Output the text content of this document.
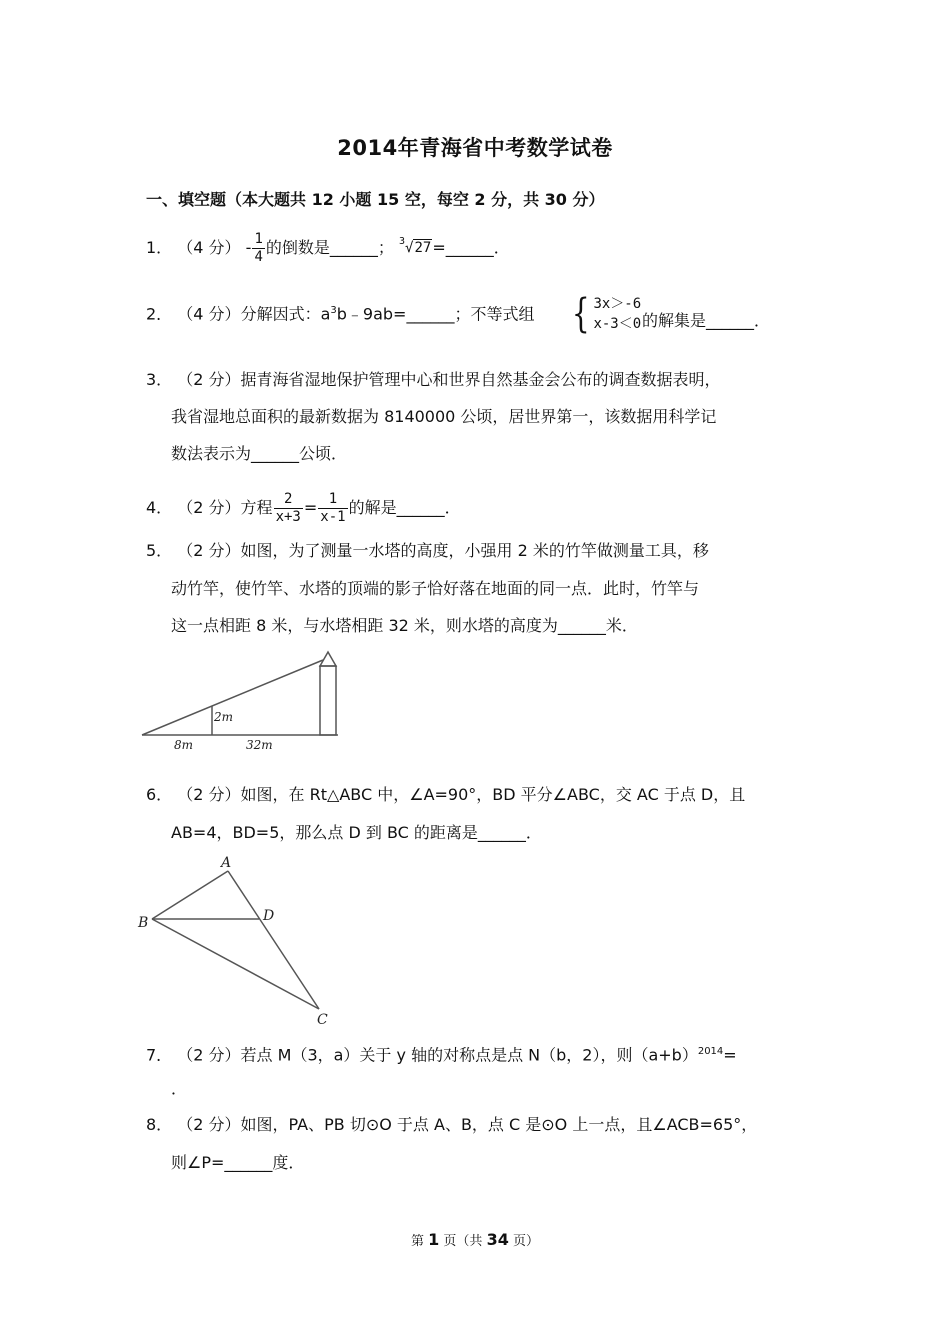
2014年青海省中考数学试卷
一、填空题（本大题共 12 小题 15 空，每空 2 分，共 30 分）
1． （4 分） - $\frac{1}{4}$ 的倒数是______； $^3$√27=______．
2． （4 分）分解因式：$a^3b﹣9ab=\_\_\_\_\_\_$；不等式组 { 3x＞-6
x-3＜0 的解集是______．
3． （2 分）据青海省湿地保护管理中心和世界自然基金会公布的调查数据表明，
我省湿地总面积的最新数据为 8140000 公顷，居世界第一，该数据用科学记
数法表示为______公顷．
4． （2 分）方程 $\frac{2}{x+3} = \frac{1}{x-1}$ 的解是______．
5． （2 分）如图，为了测量一水塔的高度，小强用 2 米的竹竿做测量工具，移
动竹竿，使竹竿、水塔的顶端的影子恰好落在地面的同一点．此时，竹竿与
这一点相距 8 米，与水塔相距 32 米，则水塔的高度为______米．
2m
8m	32m
6． （2 分）如图，在 Rt△ABC 中，∠A=90°，BD 平分∠ABC，交 AC 于点 D，且
AB=4，BD=5，那么点 D 到 BC 的距离是______．
A
B	D
C
7． （2 分）若点 M（3，a）关于 y 轴的对称点是点 N（b，2），则$(a+b)^{2014}=$
．
8． （2 分）如图，PA、PB 切⊙O 于点 A、B，点 C 是⊙O 上一点，且∠ACB=65°，
则∠P=______度．
第 1 页（共 34 页）
